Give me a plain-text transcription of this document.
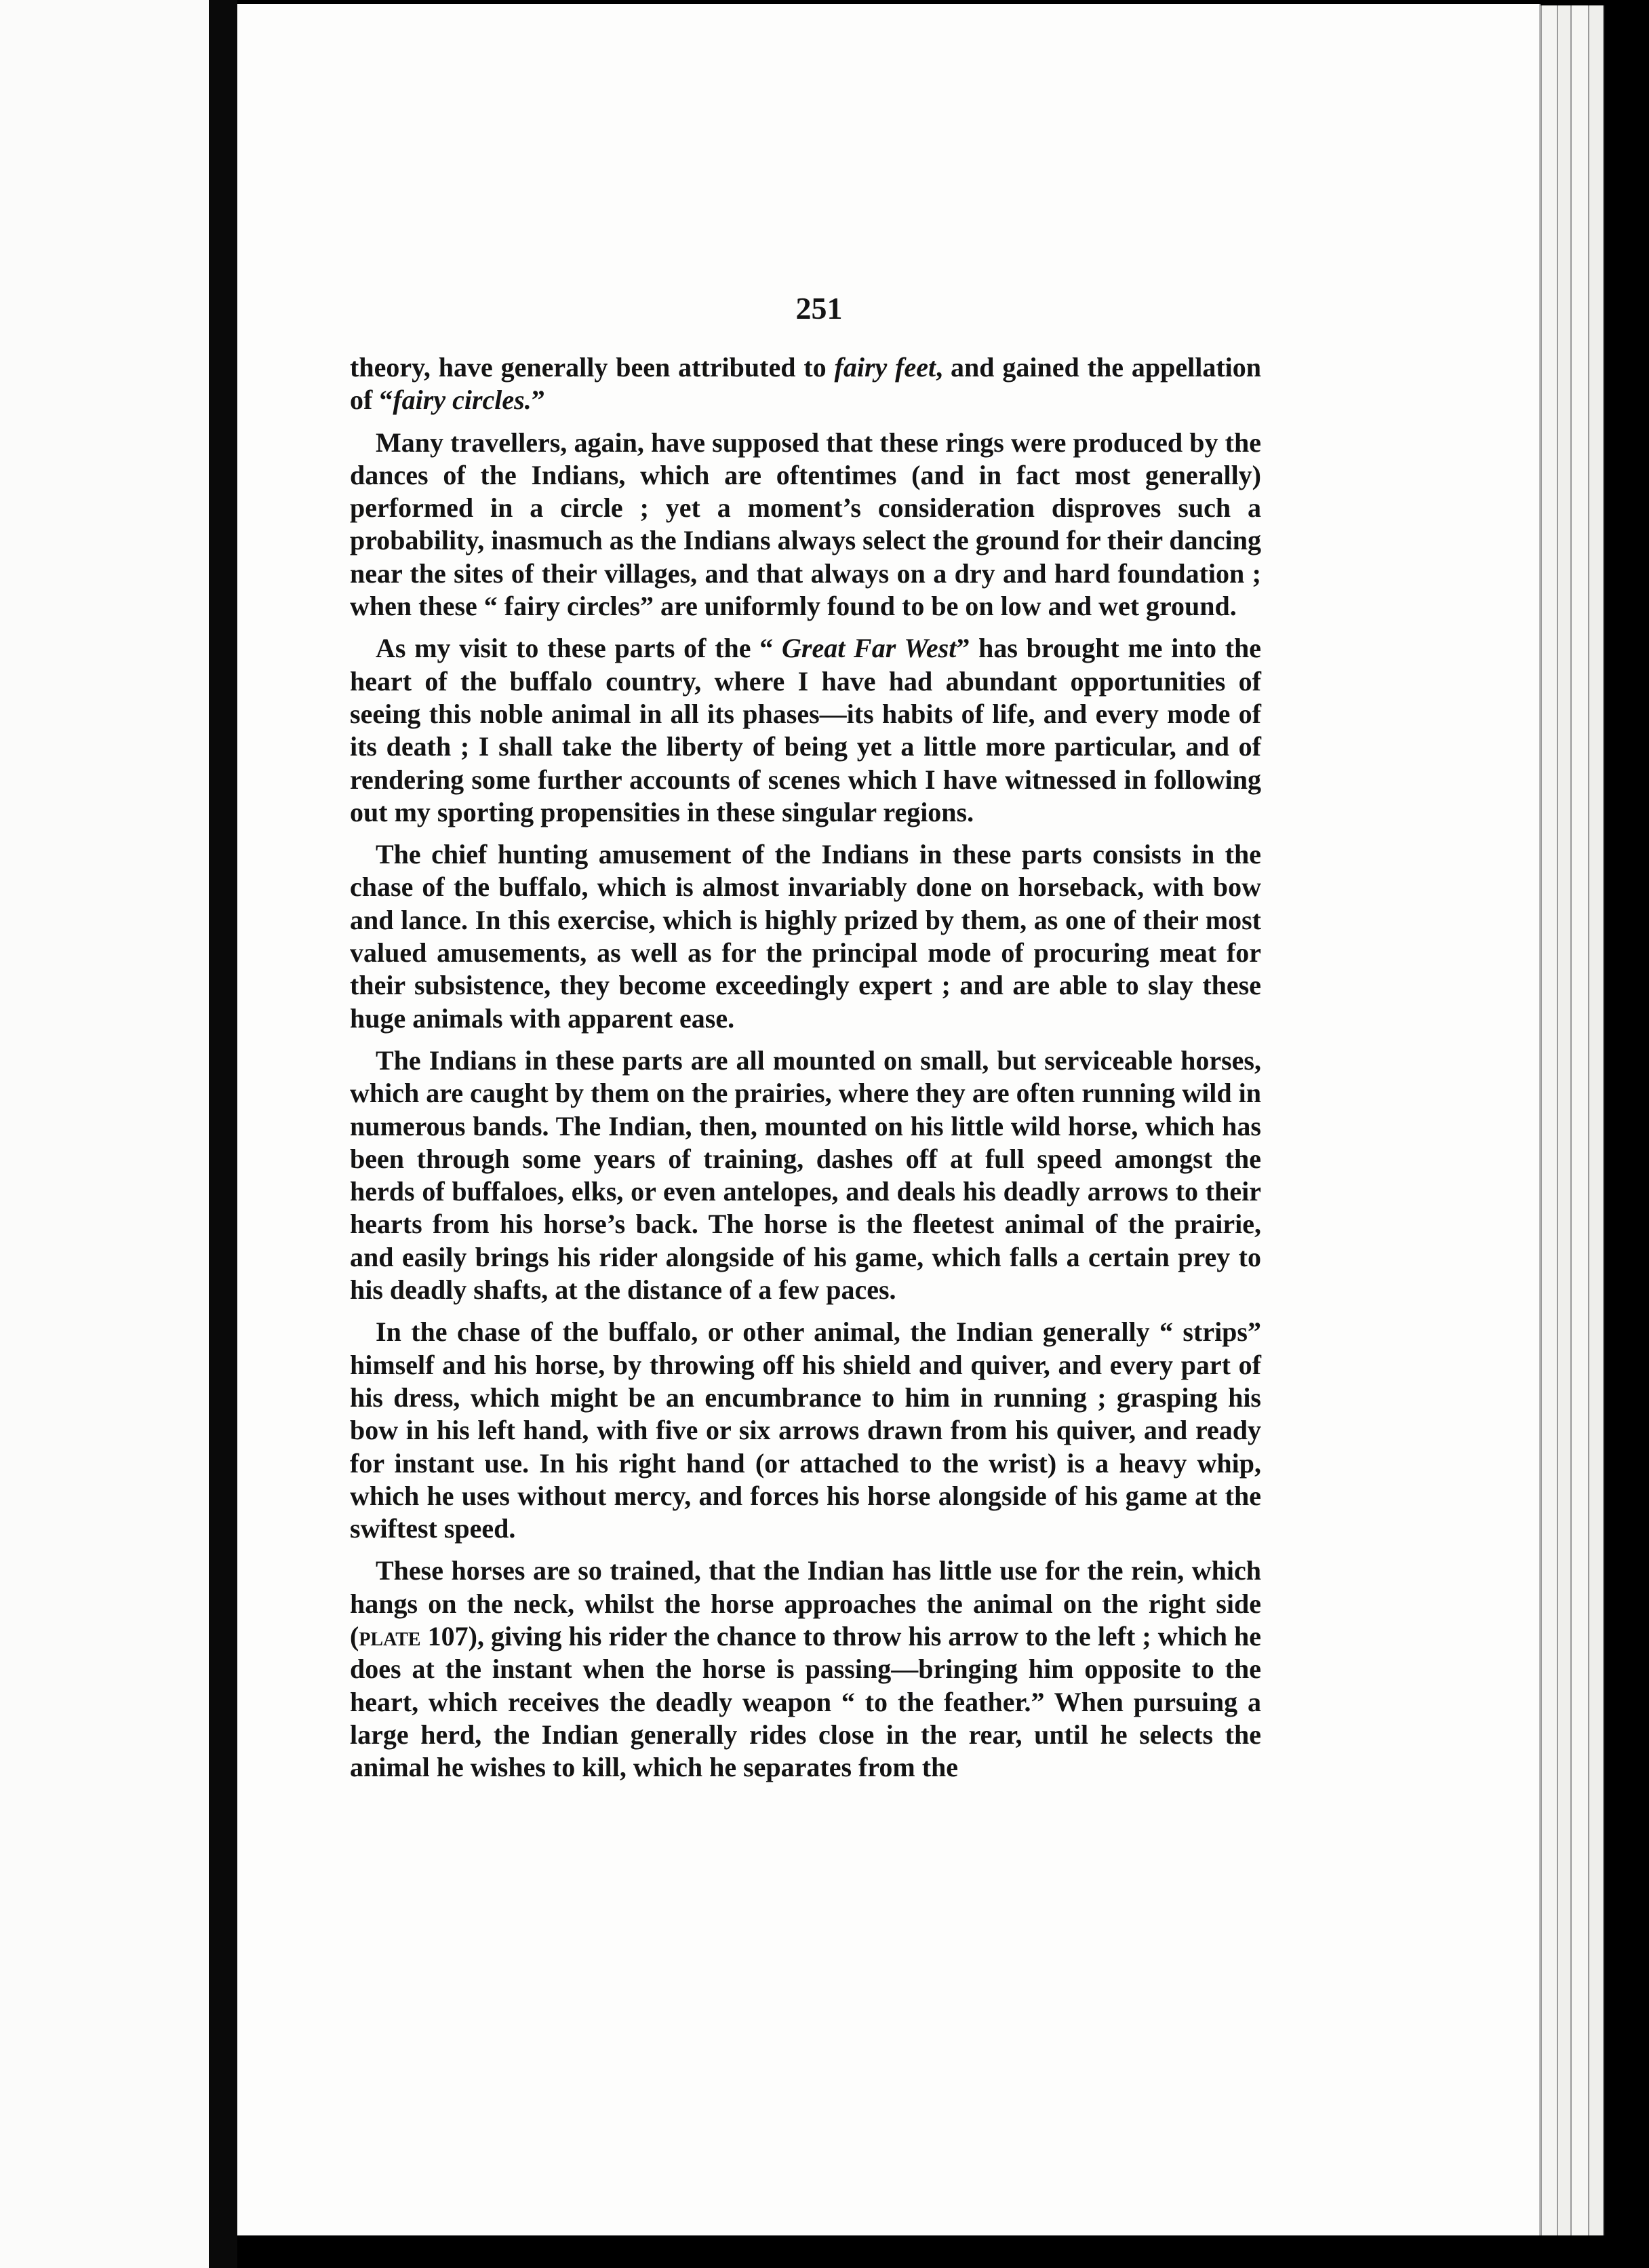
251

theory, have generally been attributed to fairy feet, and gained the appellation of “fairy circles.”

Many travellers, again, have supposed that these rings were produced by the dances of the Indians, which are oftentimes (and in fact most generally) performed in a circle ; yet a moment’s consideration disproves such a probability, inasmuch as the Indians always select the ground for their dancing near the sites of their villages, and that always on a dry and hard foundation ; when these “ fairy circles” are uniformly found to be on low and wet ground.

As my visit to these parts of the “ Great Far West” has brought me into the heart of the buffalo country, where I have had abundant opportunities of seeing this noble animal in all its phases—its habits of life, and every mode of its death ; I shall take the liberty of being yet a little more particular, and of rendering some further accounts of scenes which I have witnessed in following out my sporting propensities in these singular regions.

The chief hunting amusement of the Indians in these parts consists in the chase of the buffalo, which is almost invariably done on horseback, with bow and lance. In this exercise, which is highly prized by them, as one of their most valued amusements, as well as for the principal mode of procuring meat for their subsistence, they become exceedingly expert ; and are able to slay these huge animals with apparent ease.

The Indians in these parts are all mounted on small, but serviceable horses, which are caught by them on the prairies, where they are often running wild in numerous bands. The Indian, then, mounted on his little wild horse, which has been through some years of training, dashes off at full speed amongst the herds of buffaloes, elks, or even antelopes, and deals his deadly arrows to their hearts from his horse’s back. The horse is the fleetest animal of the prairie, and easily brings his rider alongside of his game, which falls a certain prey to his deadly shafts, at the distance of a few paces.

In the chase of the buffalo, or other animal, the Indian generally “ strips” himself and his horse, by throwing off his shield and quiver, and every part of his dress, which might be an encumbrance to him in running ; grasping his bow in his left hand, with five or six arrows drawn from his quiver, and ready for instant use. In his right hand (or attached to the wrist) is a heavy whip, which he uses without mercy, and forces his horse alongside of his game at the swiftest speed.

These horses are so trained, that the Indian has little use for the rein, which hangs on the neck, whilst the horse approaches the animal on the right side (plate 107), giving his rider the chance to throw his arrow to the left ; which he does at the instant when the horse is passing—bringing him opposite to the heart, which receives the deadly weapon “ to the feather.” When pursuing a large herd, the Indian generally rides close in the rear, until he selects the animal he wishes to kill, which he separates from the
